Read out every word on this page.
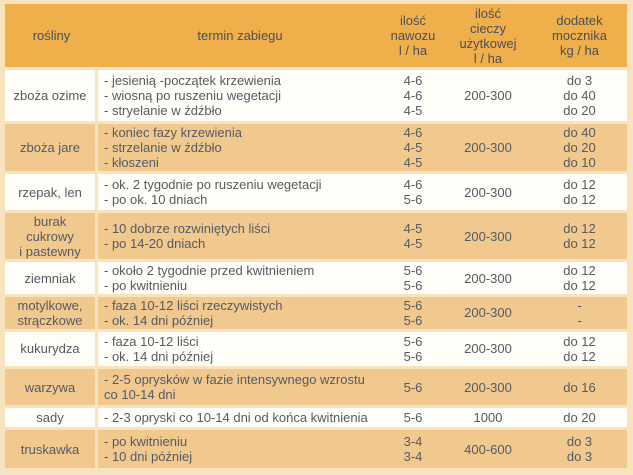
rośliny	termin zabiegu	ilość
nawozu
l / ha	ilość
cieczy
użytkowej
l / ha	dodatek
mocznika
kg / ha

zboża ozime	- jesienią -początek krzewienia
- wiosną po ruszeniu wegetacji
- stryelanie w źdźbło	4-6
4-6
4-5	200-300	do 3
do 40
do 20

zboża jare	- koniec fazy krzewienia
- strzelanie w źdźbło
- kłoszeni	4-6
4-5
4-5	200-300	do 40
do 20
do 10

rzepak, len	- ok. 2 tygodnie po ruszeniu wegetacji
- po ok. 10 dniach	4-6
5-6	200-300	do 12
do 12

burak cukrowy
i pastewny	- 10 dobrze rozwiniętych liści
- po 14-20 dniach	4-5
4-5	200-300	do 12
do 12

ziemniak	- około 2 tygodnie przed kwitnieniem
- po kwitnieniu	5-6
5-6	200-300	do 12
do 12

motylkowe,
strączkowe	- faza 10-12 liści rzeczywistych
- ok. 14 dni później	5-6
5-6	200-300	-
-

kukurydza	- faza 10-12 liści
- ok. 14 dni później	5-6
5-6	200-300	do 12
do 12

warzywa	- 2-5 oprysków w fazie intensywnego wzrostu
co 10-14 dni	5-6	200-300	do 16

sady	- 2-3 opryski co 10-14 dni od końca kwitnienia	5-6	1000	do 20

truskawka	- po kwitnieniu
- 10 dni później	3-4
3-4	400-600	do 3
do 3
